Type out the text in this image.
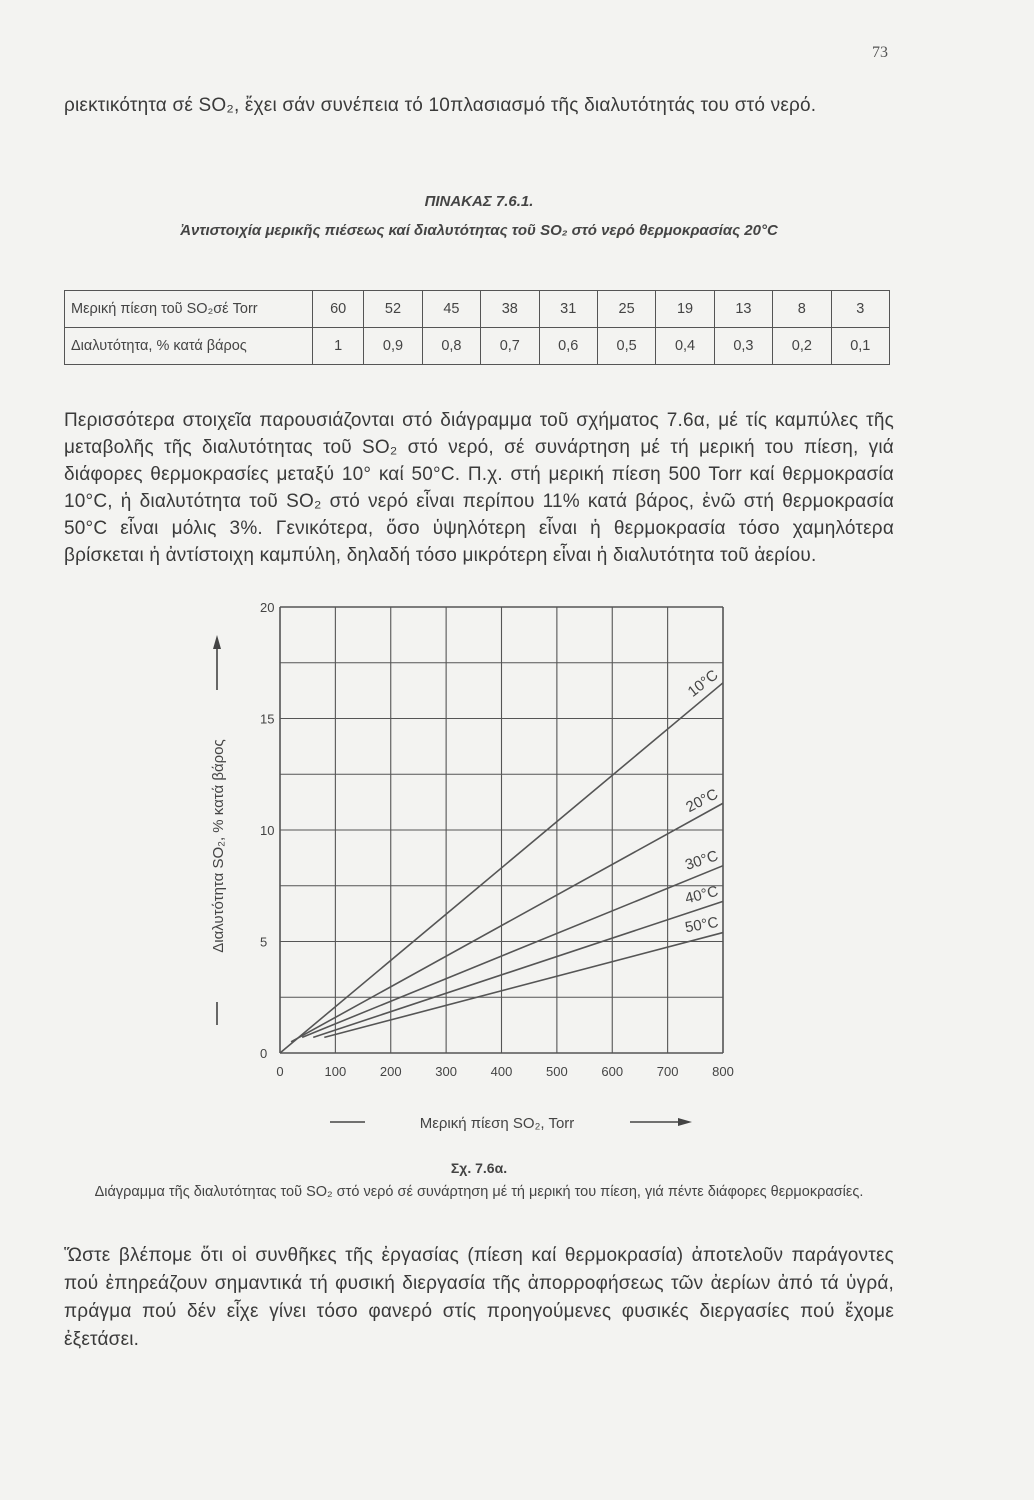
73
ριεκτικότητα σέ SO₂, ἔχει σάν συνέπεια τό 10πλασιασμό τῆς διαλυτότητάς του στό νερό.
ΠΙΝΑΚΑΣ 7.6.1.
Ἀντιστοιχία μερικῆς πιέσεως καί διαλυτότητας τοῦ SO₂ στό νερό θερμοκρασίας 20°C
Μερική πίεση τοῦ SO₂σέ Torr	60	52	45	38	31	25	19	13	8	3
Διαλυτότητα, % κατά βάρος	1	0,9	0,8	0,7	0,6	0,5	0,4	0,3	0,2	0,1
Περισσότερα στοιχεῖα παρουσιάζονται στό διάγραμμα τοῦ σχήματος 7.6α, μέ τίς καμπύλες τῆς μεταβολῆς τῆς διαλυτότητας τοῦ SO₂ στό νερό, σέ συνάρτηση μέ τή μερική του πίεση, γιά διάφορες θερμοκρασίες μεταξύ 10° καί 50°C. Π.χ. στή μερική πίεση 500 Torr καί θερμοκρασία 10°C, ἡ διαλυτότητα τοῦ SO₂ στό νερό εἶναι περίπου 11% κατά βάρος, ἐνῶ στή θερμοκρασία 50°C εἶναι μόλις 3%. Γενικότερα, ὅσο ὑψηλότερη εἶναι ἡ θερμοκρασία τόσο χαμηλότερα βρίσκεται ἡ ἀντίστοιχη καμπύλη, δηλαδή τόσο μικρότερη εἶναι ἡ διαλυτότητα τοῦ ἀερίου.
0
5
10
15
20
0	100	200	300	400	500	600	700	800
10°C
20°C
30°C
40°C
50°C
Διαλυτότητα SO₂, % κατά βάρος
Μερική πίεση SO₂, Torr
Σχ. 7.6α.
Διάγραμμα τῆς διαλυτότητας τοῦ SO₂ στό νερό σέ συνάρτηση μέ τή μερική του πίεση, γιά πέντε διάφορες θερμοκρασίες.
Ὥστε βλέπομε ὅτι οἱ συνθῆκες τῆς ἐργασίας (πίεση καί θερμοκρασία) ἀποτελοῦν παράγοντες πού ἐπηρεάζουν σημαντικά τή φυσική διεργασία τῆς ἀπορροφήσεως τῶν ἀερίων ἀπό τά ὑγρά, πράγμα πού δέν εἶχε γίνει τόσο φανερό στίς προηγούμενες φυσικές διεργασίες πού ἔχομε ἐξετάσει.
